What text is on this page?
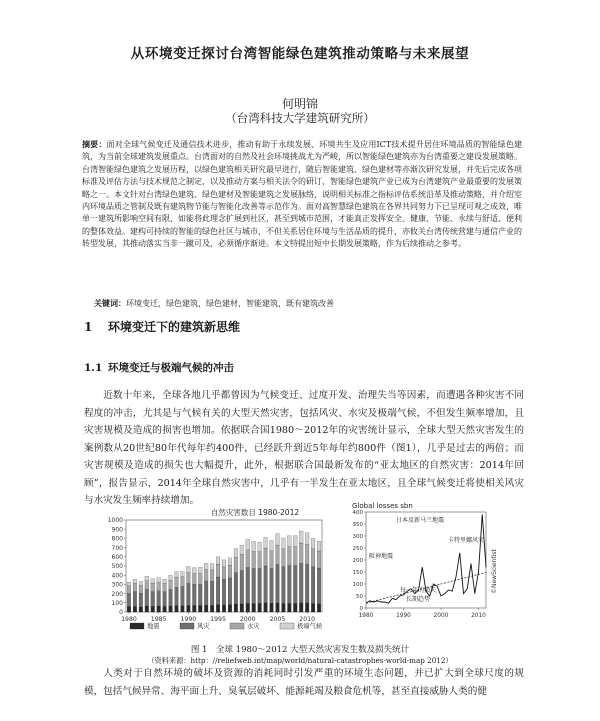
从环境变迁探讨台湾智能绿色建筑推动策略与未来展望
何明锦
（台湾科技大学建筑研究所）
摘要：面对全球气候变迁及通信技术进步，推动有助于永续发展、环境共生及应用ICT技术提升居住环境品质的智能绿色建筑，为当前全球建筑发展重点。台湾面对的自然及社会环境挑战尤为严峻，所以智能绿色建筑亦为台湾重要之建设发展策略。台湾智能绿色建筑之发展历程，以绿色建筑相关研究最早进行，随后智能建筑、绿色建材等亦渐次研究发展，并先后完成各项标准及评估方法与技术规范之制定，以及推动方案与相关法令的研订，智能绿色建筑产业已成为台湾建筑产业最重要的发展策略之一。本文针对台湾绿色建筑、绿色建材及智能建筑之发展脉络，说明相关标准之指标评估系统沿革及推动策略，并介绍室内环境品质之管制及既有建筑物节能与智能化改善等示范作为。面对高智慧绿色建筑在各界共同努力下已呈现可观之成效，唯单一建筑所影响空间有限，如能将此理念扩展到社区，甚至到城市范围，才能真正发挥安全、健康、节能、永续与舒适、便利的整体效益。建构可持续的智能的绿色社区与城市，不但关系居住环境与生活品质的提升，亦攸关台湾传统营建与通信产业的转型发展，其推动落实当非一蹴可及，必须循序渐进。本文特提出短中长期发展策略，作为后续推动之参考。
关键词：环境变迁，绿色建筑，绿色建材，智能建筑，既有建筑改善
1 环境变迁下的建筑新思维
1.1 环境变迁与极端气候的冲击
近数十年来，全球各地几乎都曾因为气候变迁、过度开发、治理失当等因素，而遭遇各种灾害不同程度的冲击，尤其是与气候有关的大型天然灾害，包括风灾、水灾及极端气候，不但发生频率增加，且灾害规模及造成的损害也增加。依据联合国1980～2012年的灾害统计显示，全球大型天然灾害发生的案例数从20世纪80年代每年约400件，已经跃升到近5年每年约800件（图1），几乎是过去的两倍；而灾害规模及造成的损失也大幅提升，此外，根据联合国最新发布的“亚太地区的自然灾害：2014年回顾”，报告显示，2014年全球自然灾害中，几乎有一半发生在亚太地区，且全球气候变迁将使相关风灾与水灾发生频率持续增加。
自然灾害数目 1980-2012
0
100
200
300
400
500
600
700
800
900
1000
1980 1985 1990 1995 2000 2005 2010
地震	风灾	水灾	极端气候
Global losses sbn
0
50
100
150
200
250
300
350
400
1980	1990	2000	2010
日本及新马兰地震
卡特里娜风灾
阪神地震
每一年的损失
长期趋势
©NewScientist
图 1　全球 1980～2012 大型天然灾害发生数及损失统计
（资料来源：http：//reliefweb.int/map/world/natural-catastrophes-world-map 2012）
人类对于自然环境的破坏及资源的消耗同时引发严重的环境生态问题，并已扩大到全球尺度的规模，包括气候异常、海平面上升、臭氧层破坏、能源耗竭及粮食危机等，甚至直接威胁人类的健
